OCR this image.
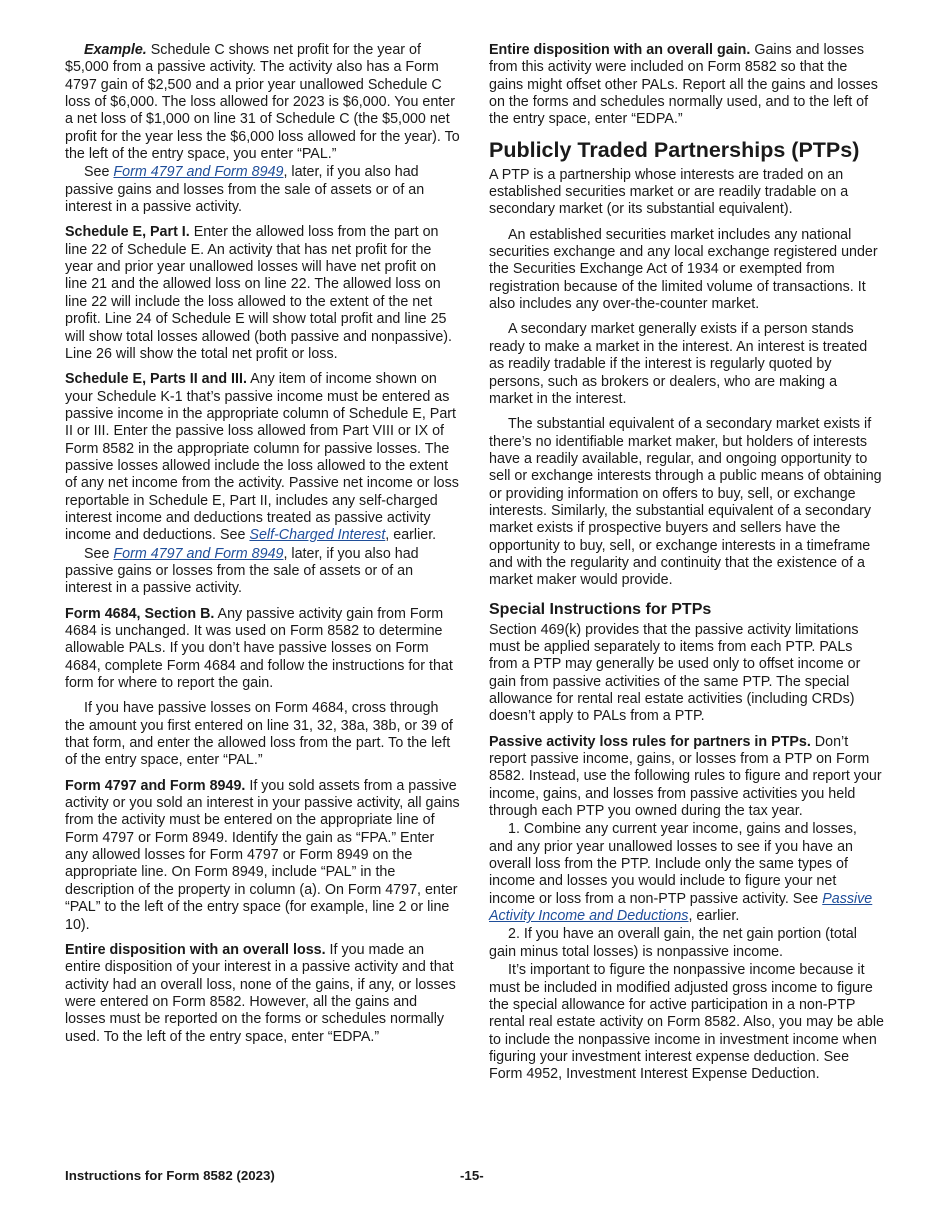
Example. Schedule C shows net profit for the year of $5,000 from a passive activity. The activity also has a Form 4797 gain of $2,500 and a prior year unallowed Schedule C loss of $6,000. The loss allowed for 2023 is $6,000. You enter a net loss of $1,000 on line 31 of Schedule C (the $5,000 net profit for the year less the $6,000 loss allowed for the year). To the left of the entry space, you enter “PAL.”

See Form 4797 and Form 8949, later, if you also had passive gains and losses from the sale of assets or of an interest in a passive activity.

Schedule E, Part I. Enter the allowed loss from the part on line 22 of Schedule E. An activity that has net profit for the year and prior year unallowed losses will have net profit on line 21 and the allowed loss on line 22. The allowed loss on line 22 will include the loss allowed to the extent of the net profit. Line 24 of Schedule E will show total profit and line 25 will show total losses allowed (both passive and nonpassive). Line 26 will show the total net profit or loss.

Schedule E, Parts II and III. Any item of income shown on your Schedule K-1 that’s passive income must be entered as passive income in the appropriate column of Schedule E, Part II or III. Enter the passive loss allowed from Part VIII or IX of Form 8582 in the appropriate column for passive losses. The passive losses allowed include the loss allowed to the extent of any net income from the activity. Passive net income or loss reportable in Schedule E, Part II, includes any self-charged interest income and deductions treated as passive activity income and deductions. See Self-Charged Interest, earlier.

See Form 4797 and Form 8949, later, if you also had passive gains or losses from the sale of assets or of an interest in a passive activity.

Form 4684, Section B. Any passive activity gain from Form 4684 is unchanged. It was used on Form 8582 to determine allowable PALs. If you don’t have passive losses on Form 4684, complete Form 4684 and follow the instructions for that form for where to report the gain.

If you have passive losses on Form 4684, cross through the amount you first entered on line 31, 32, 38a, 38b, or 39 of that form, and enter the allowed loss from the part. To the left of the entry space, enter “PAL.”

Form 4797 and Form 8949. If you sold assets from a passive activity or you sold an interest in your passive activity, all gains from the activity must be entered on the appropriate line of Form 4797 or Form 8949. Identify the gain as “FPA.” Enter any allowed losses for Form 4797 or Form 8949 on the appropriate line. On Form 8949, include “PAL” in the description of the property in column (a). On Form 4797, enter “PAL” to the left of the entry space (for example, line 2 or line 10).

Entire disposition with an overall loss. If you made an entire disposition of your interest in a passive activity and that activity had an overall loss, none of the gains, if any, or losses were entered on Form 8582. However, all the gains and losses must be reported on the forms or schedules normally used. To the left of the entry space, enter “EDPA.”

Entire disposition with an overall gain. Gains and losses from this activity were included on Form 8582 so that the gains might offset other PALs. Report all the gains and losses on the forms and schedules normally used, and to the left of the entry space, enter “EDPA.”

Publicly Traded Partnerships (PTPs)

A PTP is a partnership whose interests are traded on an established securities market or are readily tradable on a secondary market (or its substantial equivalent).

An established securities market includes any national securities exchange and any local exchange registered under the Securities Exchange Act of 1934 or exempted from registration because of the limited volume of transactions. It also includes any over-the-counter market.

A secondary market generally exists if a person stands ready to make a market in the interest. An interest is treated as readily tradable if the interest is regularly quoted by persons, such as brokers or dealers, who are making a market in the interest.

The substantial equivalent of a secondary market exists if there’s no identifiable market maker, but holders of interests have a readily available, regular, and ongoing opportunity to sell or exchange interests through a public means of obtaining or providing information on offers to buy, sell, or exchange interests. Similarly, the substantial equivalent of a secondary market exists if prospective buyers and sellers have the opportunity to buy, sell, or exchange interests in a timeframe and with the regularity and continuity that the existence of a market maker would provide.

Special Instructions for PTPs

Section 469(k) provides that the passive activity limitations must be applied separately to items from each PTP. PALs from a PTP may generally be used only to offset income or gain from passive activities of the same PTP. The special allowance for rental real estate activities (including CRDs) doesn’t apply to PALs from a PTP.

Passive activity loss rules for partners in PTPs. Don’t report passive income, gains, or losses from a PTP on Form 8582. Instead, use the following rules to figure and report your income, gains, and losses from passive activities you held through each PTP you owned during the tax year.

1. Combine any current year income, gains and losses, and any prior year unallowed losses to see if you have an overall loss from the PTP. Include only the same types of income and losses you would include to figure your net income or loss from a non-PTP passive activity. See Passive Activity Income and Deductions, earlier.

2. If you have an overall gain, the net gain portion (total gain minus total losses) is nonpassive income.

It’s important to figure the nonpassive income because it must be included in modified adjusted gross income to figure the special allowance for active participation in a non-PTP rental real estate activity on Form 8582. Also, you may be able to include the nonpassive income in investment income when figuring your investment interest expense deduction. See Form 4952, Investment Interest Expense Deduction.

Instructions for Form 8582 (2023)	-15-
